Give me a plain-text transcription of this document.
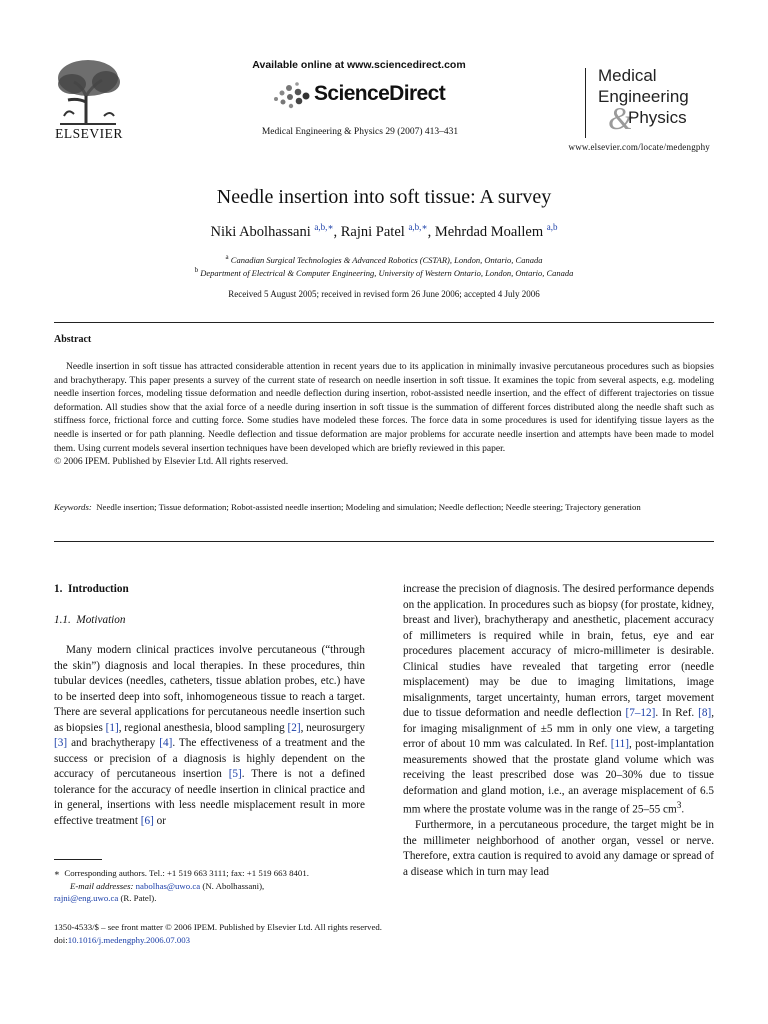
ELSEVIER
Available online at www.sciencedirect.com
ScienceDirect
Medical Engineering & Physics 29 (2007) 413–431
Medical
Engineering
&
Physics
www.elsevier.com/locate/medengphy
Needle insertion into soft tissue: A survey
Niki Abolhassani $^{a,b,∗}$, Rajni Patel $^{a,b,∗}$, Mehrdad Moallem $^{a,b}$
$^a$ Canadian Surgical Technologies & Advanced Robotics (CSTAR), London, Ontario, Canada
$^b$ Department of Electrical & Computer Engineering, University of Western Ontario, London, Ontario, Canada
Received 5 August 2005; received in revised form 26 June 2006; accepted 4 July 2006
Abstract
Needle insertion in soft tissue has attracted considerable attention in recent years due to its application in minimally invasive percutaneous procedures such as biopsies and brachytherapy. This paper presents a survey of the current state of research on needle insertion in soft tissue. It examines the topic from several aspects, e.g. modeling needle insertion forces, modeling tissue deformation and needle deflection during insertion, robot-assisted needle insertion, and the effect of different trajectories on tissue deformation. All studies show that the axial force of a needle during insertion in soft tissue is the summation of different forces distributed along the needle shaft such as stiffness force, frictional force and cutting force. Some studies have modeled these forces. The force data in some procedures is used for identifying tissue layers as the needle is inserted or for path planning. Needle deflection and tissue deformation are major problems for accurate needle insertion and attempts have been made to model them. Using current models several insertion techniques have been developed which are briefly reviewed in this paper.
© 2006 IPEM. Published by Elsevier Ltd. All rights reserved.
Keywords: Needle insertion; Tissue deformation; Robot-assisted needle insertion; Modeling and simulation; Needle deflection; Needle steering; Trajectory generation
1.  Introduction
1.1.  Motivation
Many modern clinical practices involve percutaneous (“through the skin”) diagnosis and local therapies. In these procedures, thin tubular devices (needles, catheters, tissue ablation probes, etc.) have to be inserted deep into soft, inhomogeneous tissue to reach a target. There are several applications for percutaneous needle insertion such as biopsies [1], regional anesthesia, blood sampling [2], neurosurgery [3] and brachytherapy [4]. The effectiveness of a treatment and the success or precision of a diagnosis is highly dependent on the accuracy of percutaneous insertion [5]. There is not a defined tolerance for the accuracy of needle insertion in clinical practice and in general, insertions with less needle misplacement result in more effective treatment [6] or
increase the precision of diagnosis. The desired performance depends on the application. In procedures such as biopsy (for prostate, kidney, breast and liver), brachytherapy and anesthetic, placement accuracy of millimeters is required while in brain, fetus, eye and ear procedures placement accuracy of micro-millimeter is desirable. Clinical studies have revealed that targeting error (needle misplacement) may be due to imaging limitations, image misalignments, target uncertainty, human errors, target movement due to tissue deformation and needle deflection [7–12]. In Ref. [8], for imaging misalignment of ±5 mm in only one view, a targeting error of about 10 mm was calculated. In Ref. [11], post-implantation measurements showed that the prostate gland volume which was receiving the least prescribed dose was 20–30% due to tissue deformation and gland motion, i.e., an average misplacement of 6.5 mm where the prostate volume was in the range of 25–55 $cm^3$.
Furthermore, in a percutaneous procedure, the target might be in the millimeter neighborhood of another organ, vessel or nerve. Therefore, extra caution is required to avoid any damage or spread of a disease which in turn may lead
∗ Corresponding authors. Tel.: +1 519 663 3111; fax: +1 519 663 8401.
E-mail addresses: nabolhas@uwo.ca (N. Abolhassani),
rajni@eng.uwo.ca (R. Patel).
1350-4533/$ – see front matter © 2006 IPEM. Published by Elsevier Ltd. All rights reserved.
doi:10.1016/j.medengphy.2006.07.003
